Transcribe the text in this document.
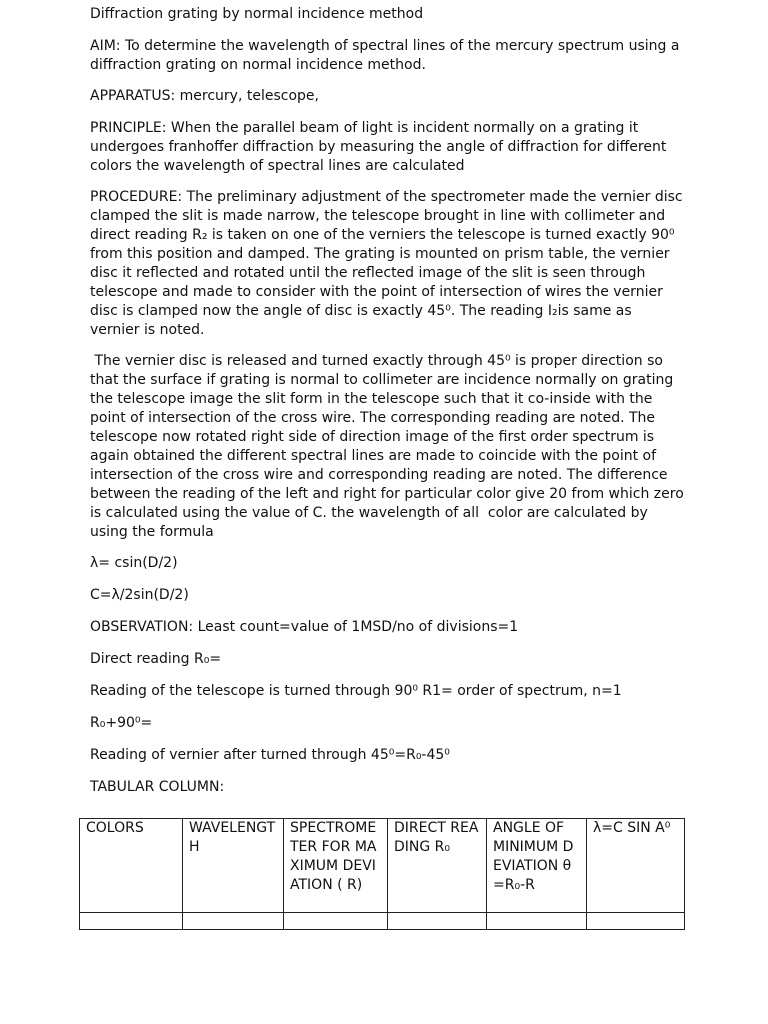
Diffraction grating by normal incidence method

AIM: To determine the wavelength of spectral lines of the mercury spectrum using a diffraction grating on normal incidence method.

APPARATUS: mercury, telescope,

PRINCIPLE: When the parallel beam of light is incident normally on a grating it undergoes franhoffer diffraction by measuring the angle of diffraction for different colors the wavelength of spectral lines are calculated

PROCEDURE: The preliminary adjustment of the spectrometer made the vernier disc clamped the slit is made narrow, the telescope brought in line with collimeter and direct reading R₂ is taken on one of the verniers the telescope is turned exactly 90⁰ from this position and damped. The grating is mounted on prism table, the vernier disc it reflected and rotated until the reflected image of the slit is seen through telescope and made to consider with the point of intersection of wires the vernier disc is clamped now the angle of disc is exactly 45⁰. The reading I₂is same as vernier is noted.

The vernier disc is released and turned exactly through 45⁰ is proper direction so that the surface if grating is normal to collimeter are incidence normally on grating the telescope image the slit form in the telescope such that it co-inside with the point of intersection of the cross wire. The corresponding reading are noted. The telescope now rotated right side of direction image of the first order spectrum is again obtained the different spectral lines are made to coincide with the point of intersection of the cross wire and corresponding reading are noted. The difference between the reading of the left and right for particular color give 20 from which zero is calculated using the value of C. the wavelength of all  color are calculated by using the formula

λ= csin(D/2)

C=λ/2sin(D/2)

OBSERVATION: Least count=value of 1MSD/no of divisions=1

Direct reading R₀=

Reading of the telescope is turned through 90⁰ R1= order of spectrum, n=1

R₀+90⁰=

Reading of vernier after turned through 45⁰=R₀-45⁰

TABULAR COLUMN:

COLORS	WAVELENGTH	SPECTROMETER FOR MAXIMUM DEVIATION ( R)	DIRECT READING R₀	ANGLE OF MINIMUM DEVIATION θ=R₀-R	λ=C SIN A⁰
